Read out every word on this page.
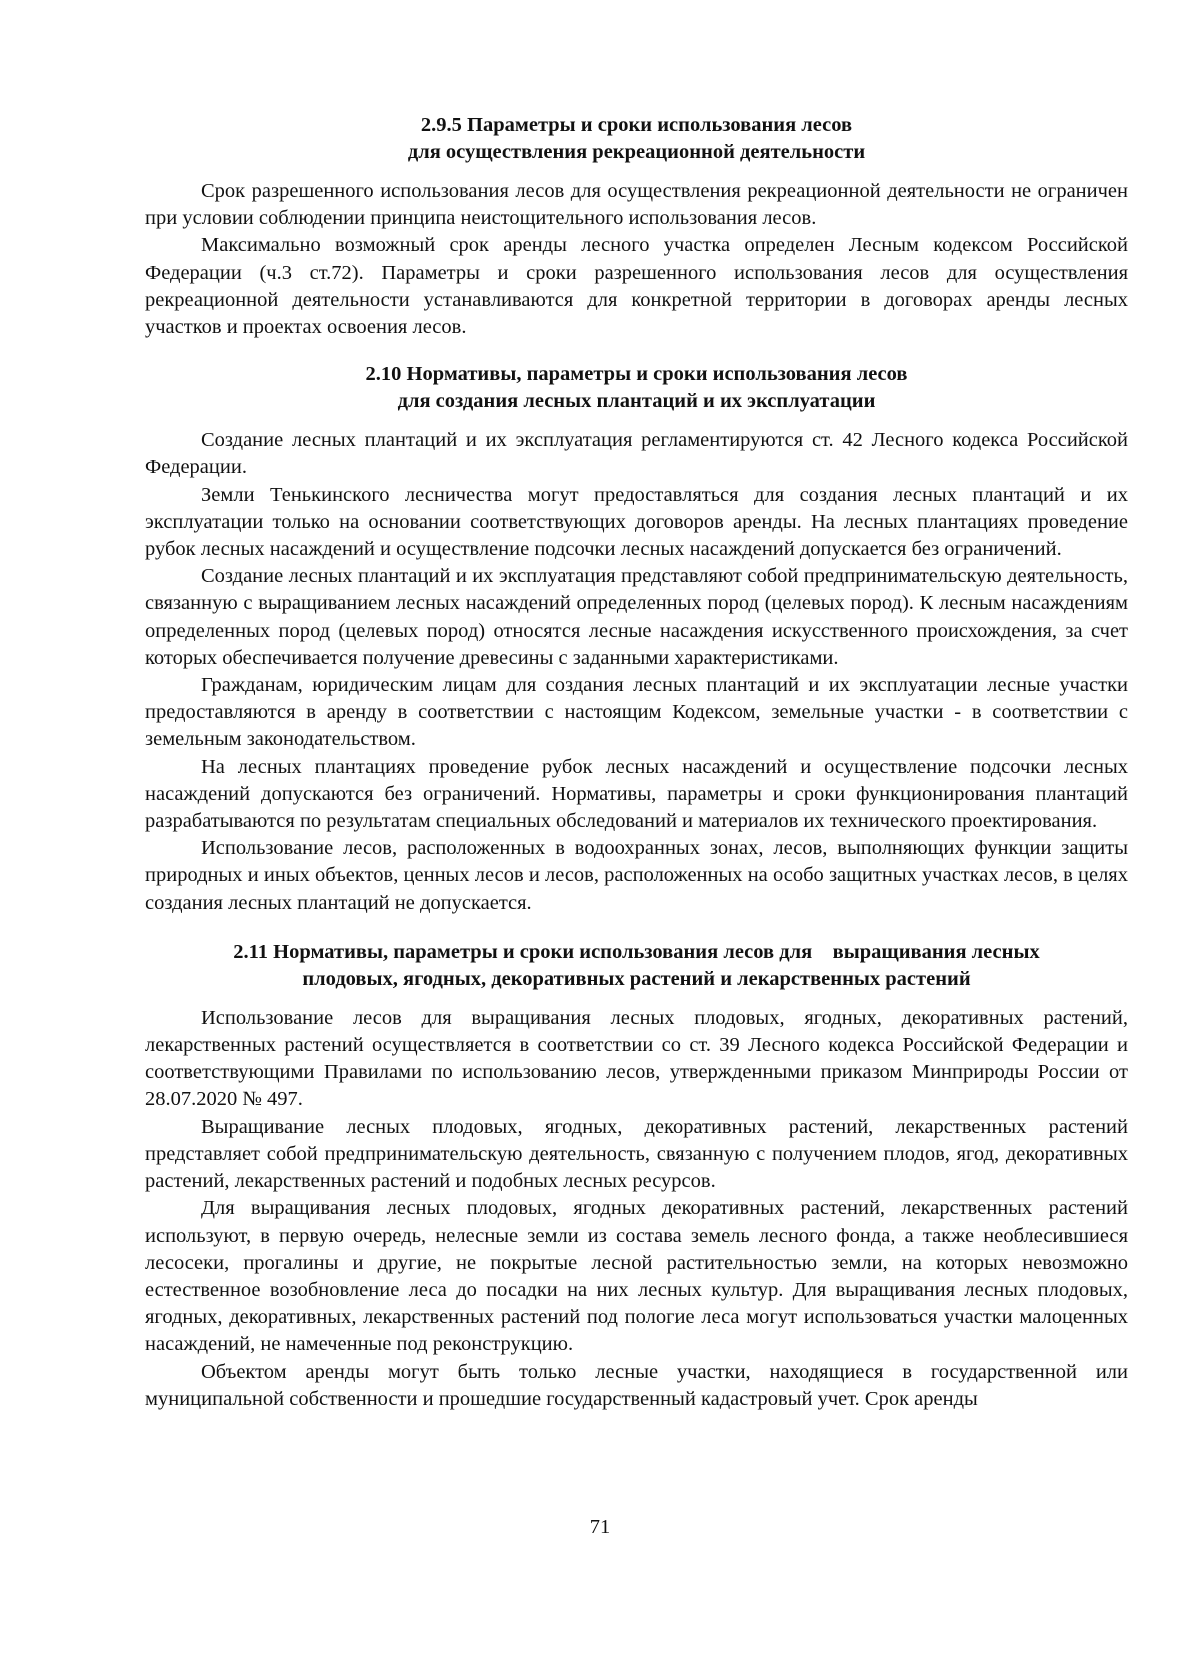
2.9.5 Параметры и сроки использования лесов
для осуществления рекреационной деятельности

Срок разрешенного использования лесов для осуществления рекреационной деятельности не ограничен при условии соблюдении принципа неистощительного использования лесов.

Максимально возможный срок аренды лесного участка определен Лесным кодексом Российской Федерации (ч.3 ст.72). Параметры и сроки разрешенного использования лесов для осуществления рекреационной деятельности устанавливаются для конкретной территории в договорах аренды лесных участков и проектах освоения лесов.

2.10 Нормативы, параметры и сроки использования лесов
для создания лесных плантаций и их эксплуатации

Создание лесных плантаций и их эксплуатация регламентируются ст. 42 Лесного кодекса Российской Федерации.

Земли Тенькинского лесничества могут предоставляться для создания лесных плантаций и их эксплуатации только на основании соответствующих договоров аренды. На лесных плантациях проведение рубок лесных насаждений и осуществление подсочки лесных насаждений допускается без ограничений.

Создание лесных плантаций и их эксплуатация представляют собой предпринимательскую деятельность, связанную с выращиванием лесных насаждений определенных пород (целевых пород). К лесным насаждениям определенных пород (целевых пород) относятся лесные насаждения искусственного происхождения, за счет которых обеспечивается получение древесины с заданными характеристиками.

Гражданам, юридическим лицам для создания лесных плантаций и их эксплуатации лесные участки предоставляются в аренду в соответствии с настоящим Кодексом, земельные участки - в соответствии с земельным законодательством.

На лесных плантациях проведение рубок лесных насаждений и осуществление подсочки лесных насаждений допускаются без ограничений. Нормативы, параметры и сроки функционирования плантаций разрабатываются по результатам специальных обследований и материалов их технического проектирования.

Использование лесов, расположенных в водоохранных зонах, лесов, выполняющих функции защиты природных и иных объектов, ценных лесов и лесов, расположенных на особо защитных участках лесов, в целях создания лесных плантаций не допускается.

2.11 Нормативы, параметры и сроки использования лесов для    выращивания лесных
плодовых, ягодных, декоративных растений и лекарственных растений

Использование лесов для выращивания лесных плодовых, ягодных, декоративных растений, лекарственных растений осуществляется в соответствии со ст. 39 Лесного кодекса Российской Федерации и соответствующими Правилами по использованию лесов, утвержденными приказом Минприроды России от 28.07.2020 № 497.

Выращивание лесных плодовых, ягодных, декоративных растений, лекарственных растений представляет собой предпринимательскую деятельность, связанную с получением плодов, ягод, декоративных растений, лекарственных растений и подобных лесных ресурсов.

Для выращивания лесных плодовых, ягодных декоративных растений, лекарственных растений используют, в первую очередь, нелесные земли из состава земель лесного фонда, а также необлесившиеся лесосеки, прогалины и другие, не покрытые лесной растительностью земли, на которых невозможно естественное возобновление леса до посадки на них лесных культур. Для выращивания лесных плодовых, ягодных, декоративных, лекарственных растений под пологие леса могут использоваться участки малоценных насаждений, не намеченные под реконструкцию.

Объектом аренды могут быть только лесные участки, находящиеся в государственной или муниципальной собственности и прошедшие государственный кадастровый учет. Срок аренды

71
